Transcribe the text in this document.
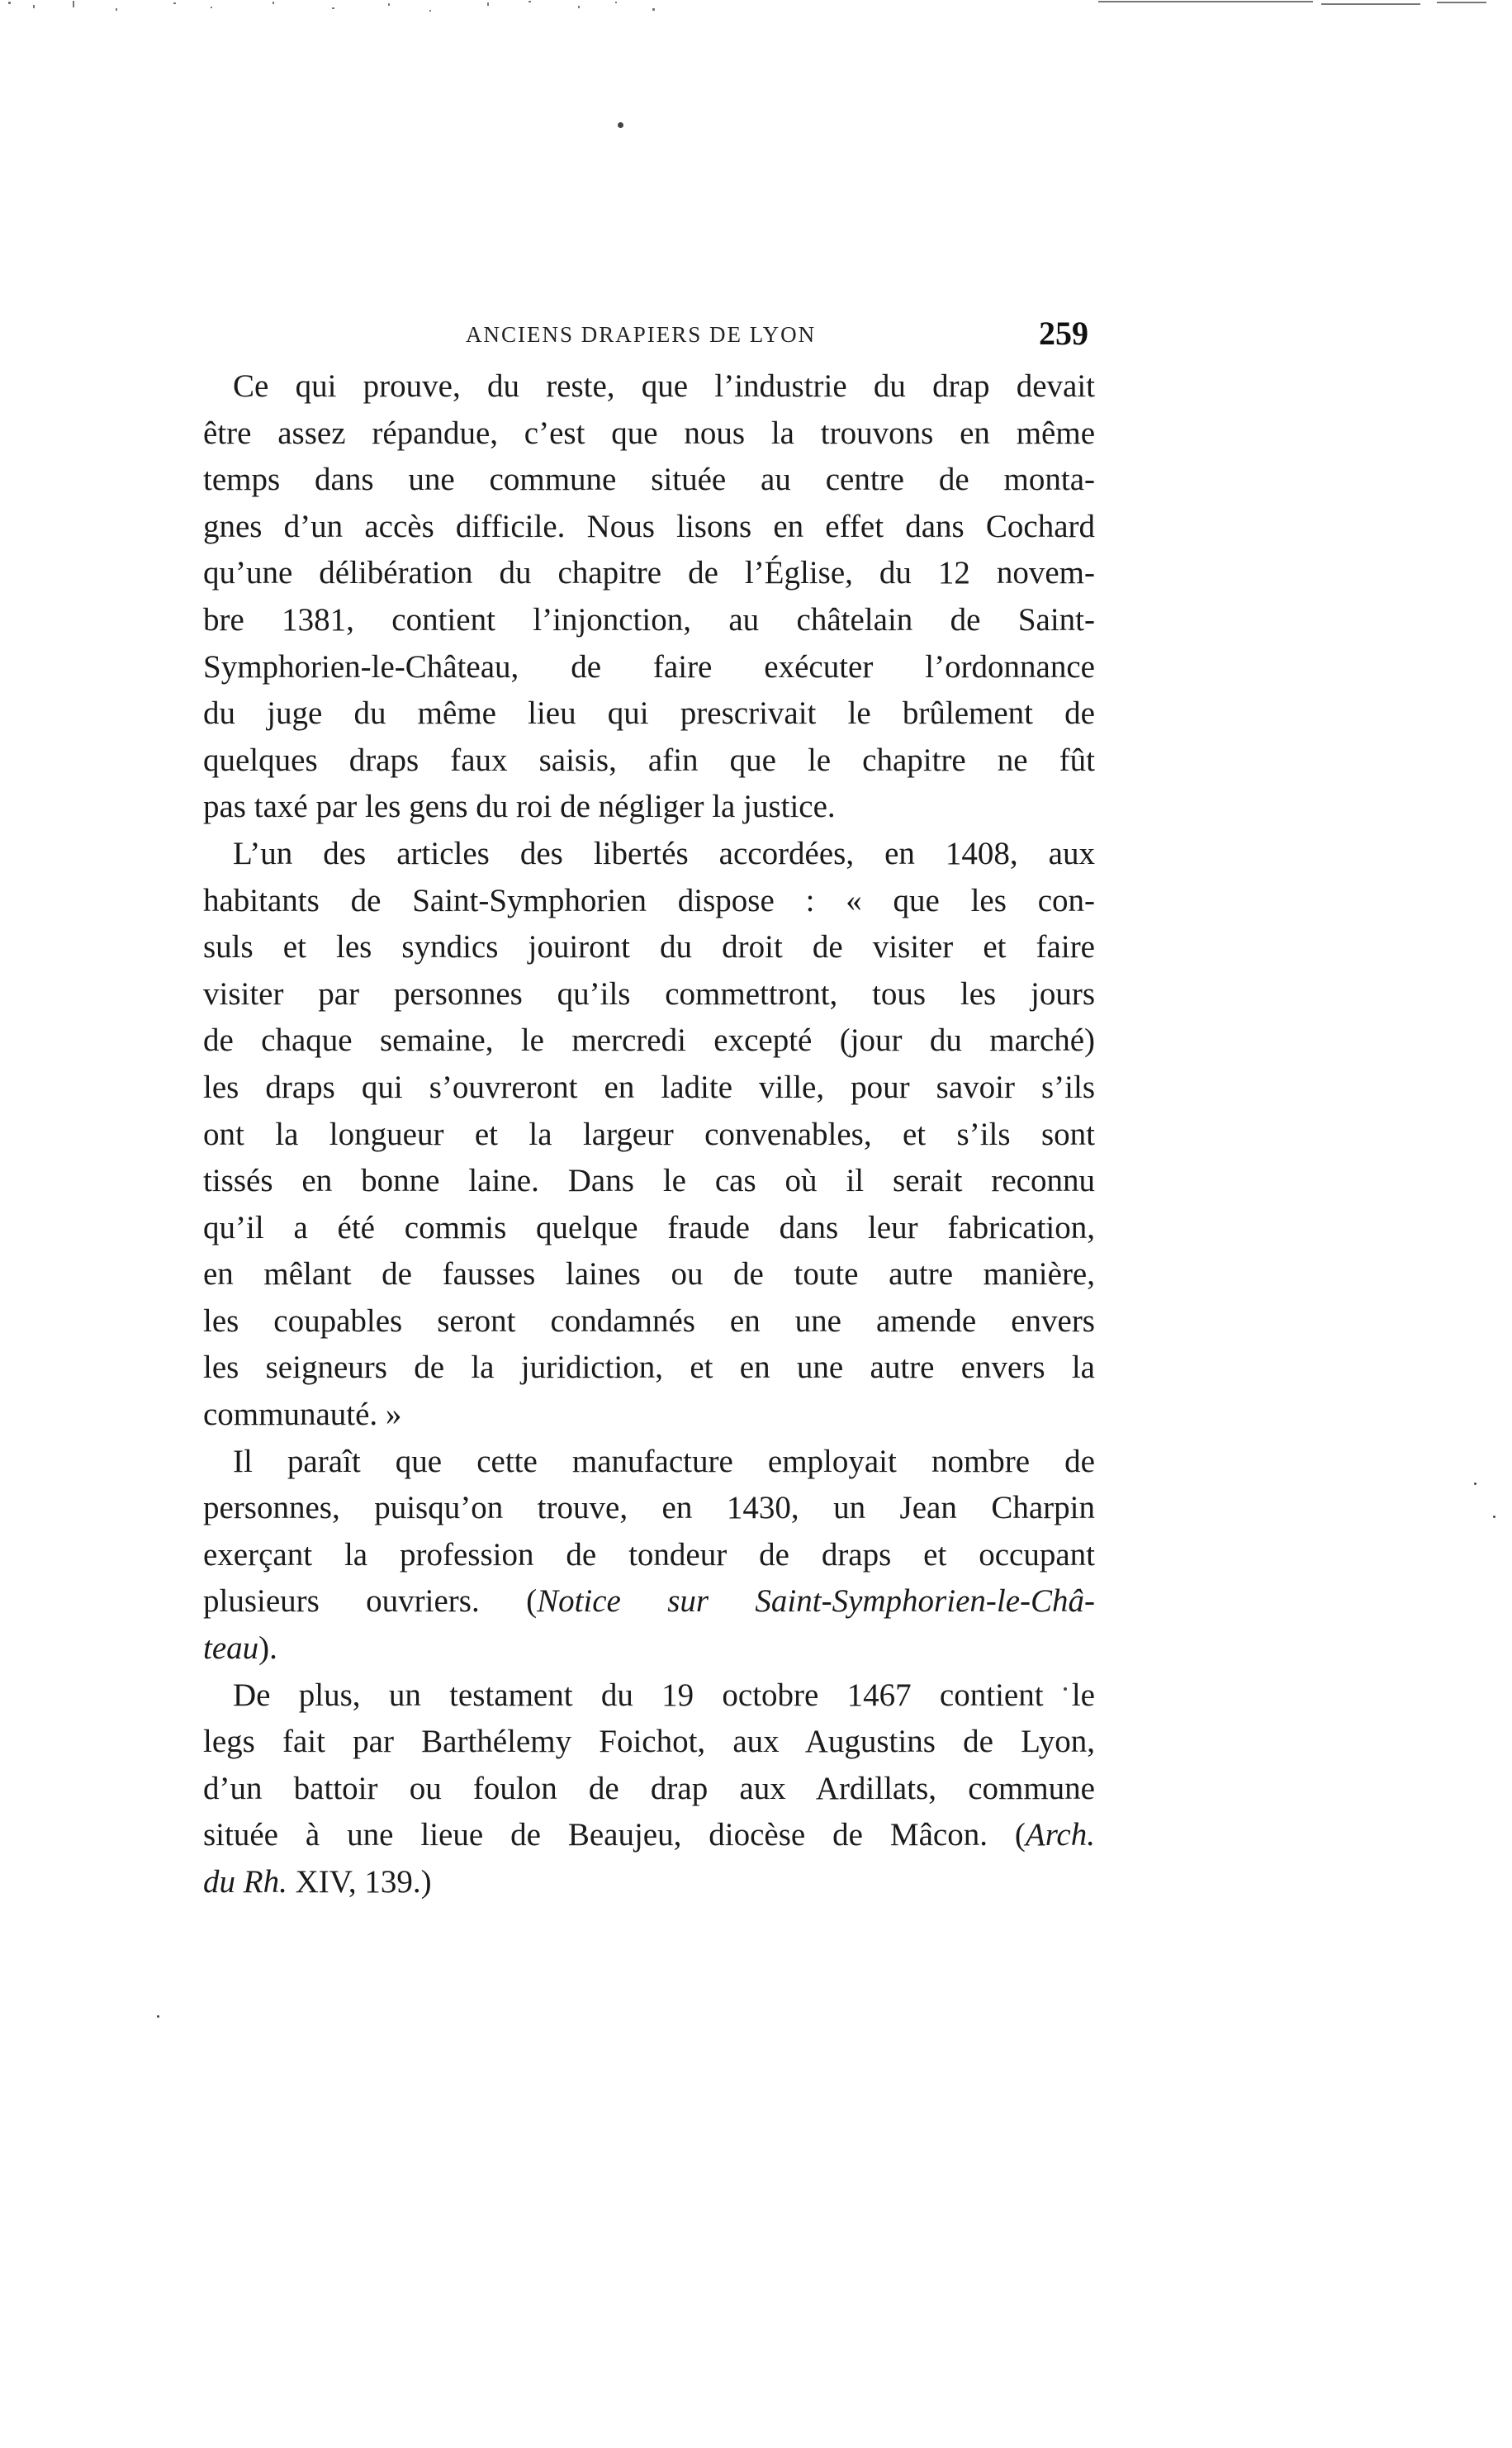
ANCIENS DRAPIERS DE LYON	259
Ce qui prouve, du reste, que l’industrie du drap devait
être assez répandue, c’est que nous la trouvons en même
temps dans une commune située au centre de monta-
gnes d’un accès difficile. Nous lisons en effet dans Cochard
qu’une délibération du chapitre de l’Église, du 12 novem-
bre 1381, contient l’injonction, au châtelain de Saint-
Symphorien-le-Château, de faire exécuter l’ordonnance
du juge du même lieu qui prescrivait le brûlement de
quelques draps faux saisis, afin que le chapitre ne fût
pas taxé par les gens du roi de négliger la justice.
L’un des articles des libertés accordées, en 1408, aux
habitants de Saint-Symphorien dispose : « que les con-
suls et les syndics jouiront du droit de visiter et faire
visiter par personnes qu’ils commettront, tous les jours
de chaque semaine, le mercredi excepté (jour du marché)
les draps qui s’ouvreront en ladite ville, pour savoir s’ils
ont la longueur et la largeur convenables, et s’ils sont
tissés en bonne laine. Dans le cas où il serait reconnu
qu’il a été commis quelque fraude dans leur fabrication,
en mêlant de fausses laines ou de toute autre manière,
les coupables seront condamnés en une amende envers
les seigneurs de la juridiction, et en une autre envers la
communauté. »
Il paraît que cette manufacture employait nombre de
personnes, puisqu’on trouve, en 1430, un Jean Charpin
exerçant la profession de tondeur de draps et occupant
plusieurs ouvriers. (Notice sur Saint-Symphorien-le-Châ-
teau).
De plus, un testament du 19 octobre 1467 contient le
legs fait par Barthélemy Foichot, aux Augustins de Lyon,
d’un battoir ou foulon de drap aux Ardillats, commune
située à une lieue de Beaujeu, diocèse de Mâcon. (Arch.
du Rh. XIV, 139.)
